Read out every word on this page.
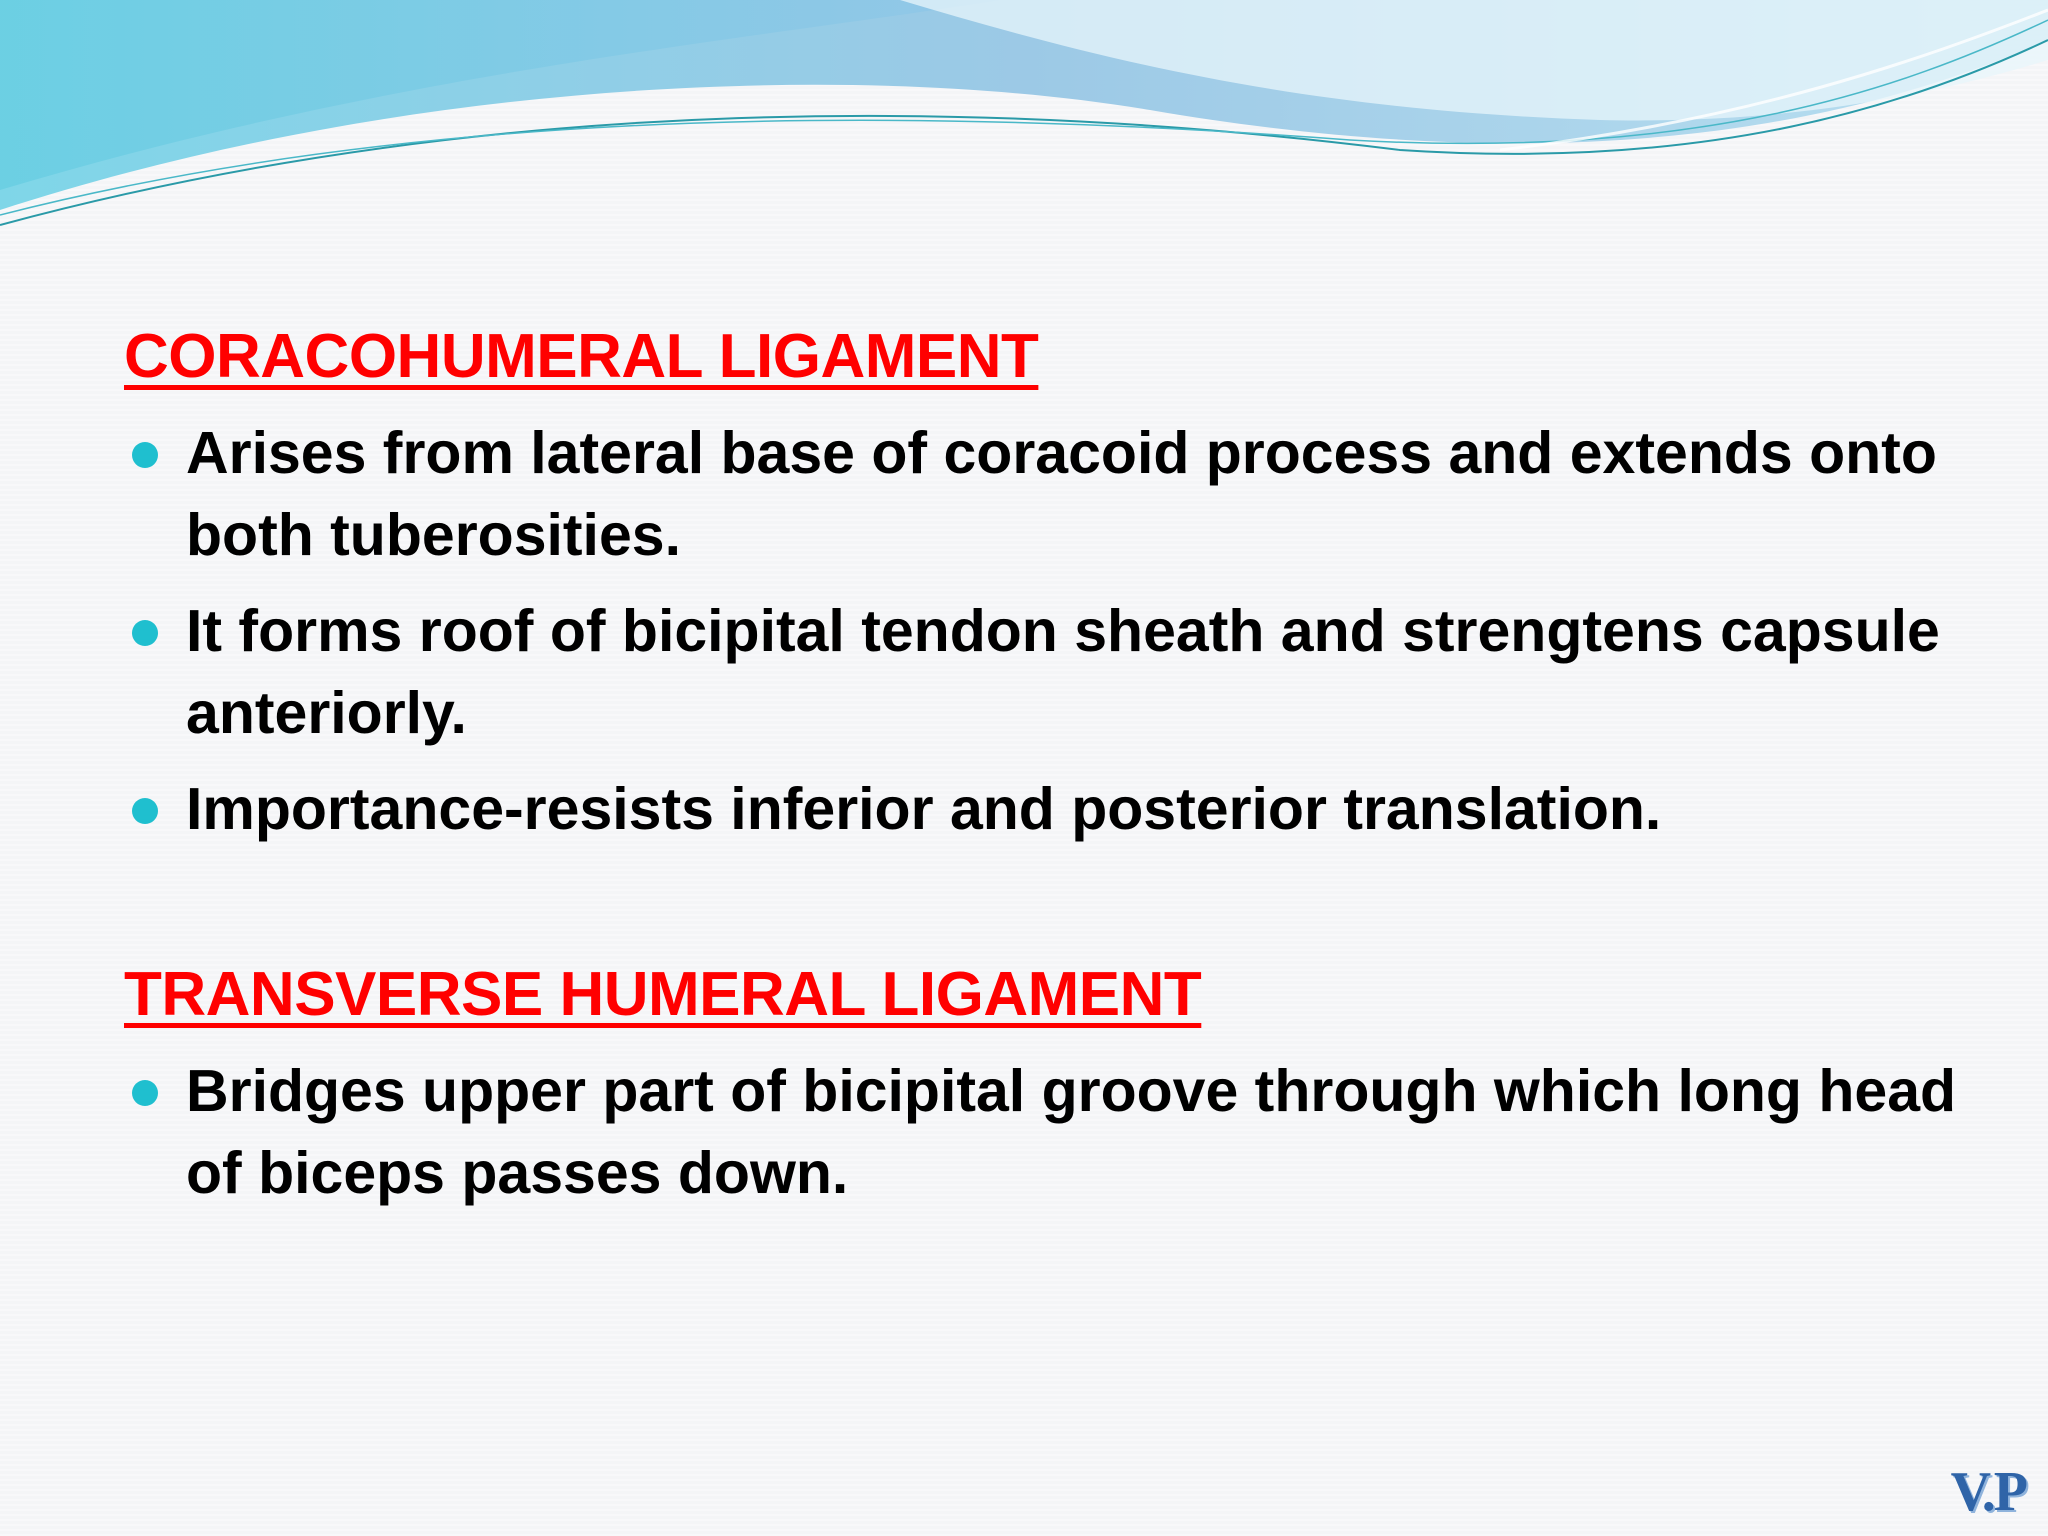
CORACOHUMERAL LIGAMENT
Arises from lateral base of coracoid process and extends onto both tuberosities.
It forms roof of bicipital tendon sheath and strengtens capsule anteriorly.
Importance-resists inferior and posterior translation.
TRANSVERSE HUMERAL LIGAMENT
Bridges upper part of bicipital groove through which long head of biceps passes down.
V.P
